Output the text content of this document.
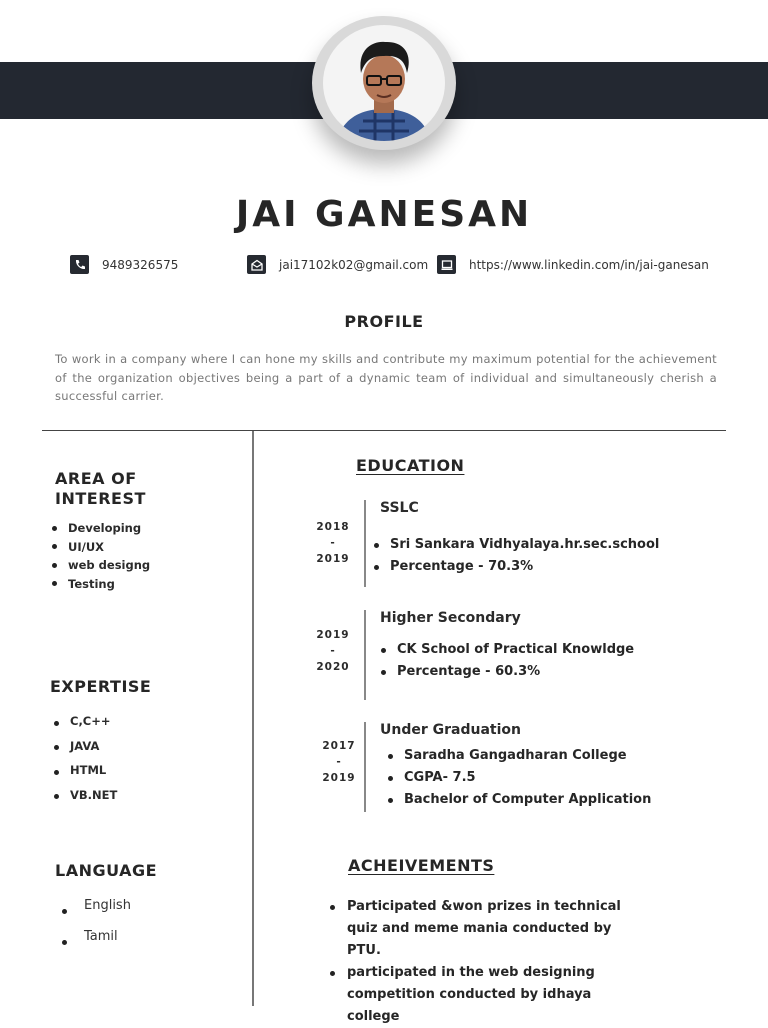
JAI GANESAN
9489326575	jai17102k02@gmail.com	https://www.linkedin.com/in/jai-ganesan
PROFILE
To work in a company where I can hone my skills and contribute my maximum potential for the achievement of the organization objectives being a part of a dynamic team of individual and simultaneously cherish a successful carrier.
AREA OF
INTEREST
Developing
UI/UX
web designg
Testing
EXPERTISE
C,C++
JAVA
HTML
VB.NET
LANGUAGE
English
Tamil
EDUCATION
2018
-
2019
SSLC
Sri Sankara Vidhyalaya.hr.sec.school
Percentage - 70.3%
2019
-
2020
Higher Secondary
CK School of Practical Knowldge
Percentage - 60.3%
2017
-
2019
Under Graduation
Saradha Gangadharan College
CGPA- 7.5
Bachelor of Computer Application
ACHEIVEMENTS
Participated &won prizes in technical quiz and meme mania conducted by PTU.
participated in the web designing competition conducted by idhaya college
